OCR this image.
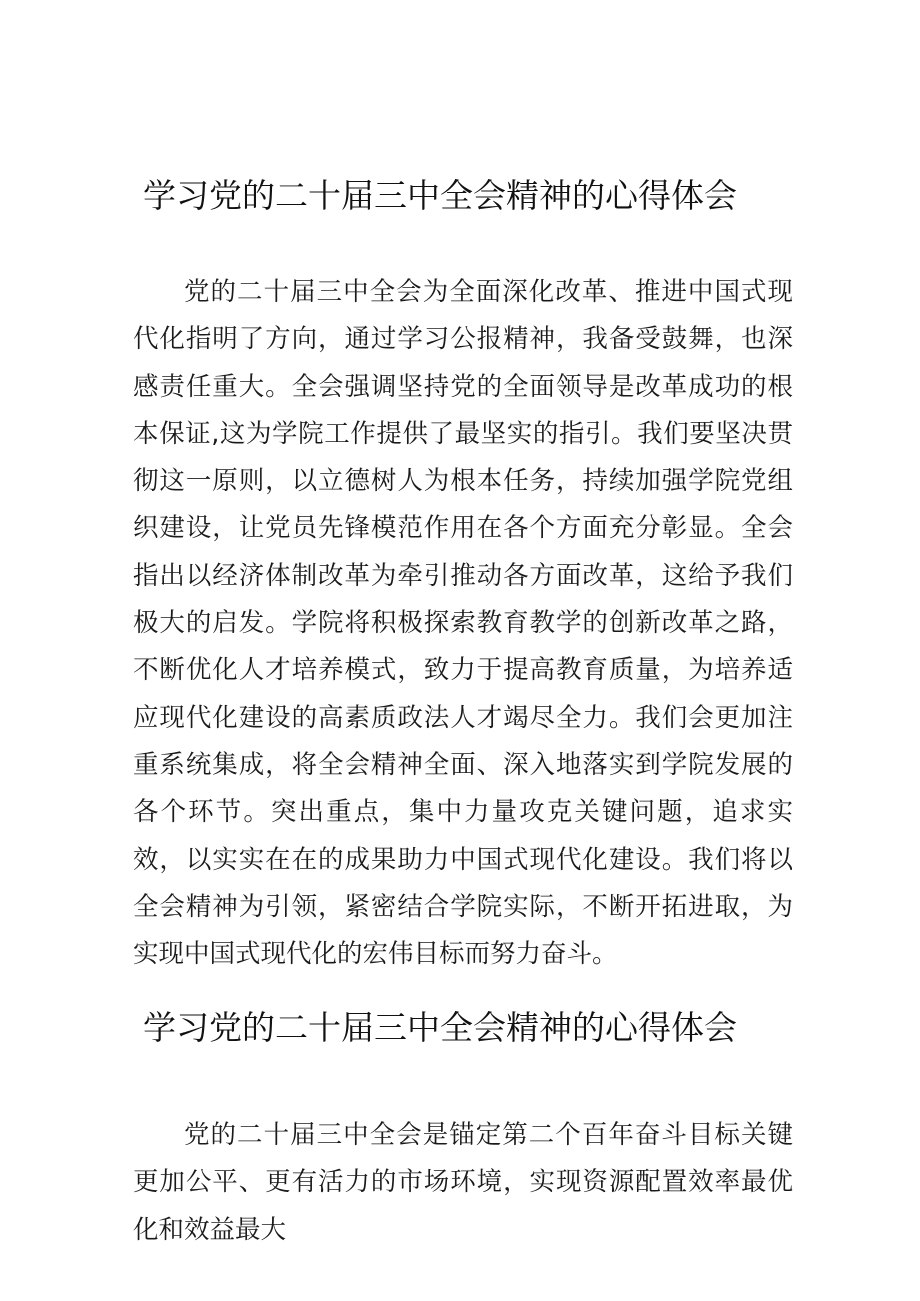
学习党的二十届三中全会精神的心得体会

党的二十届三中全会为全面深化改革、推进中国式现代化指明了方向，通过学习公报精神，我备受鼓舞，也深感责任重大。全会强调坚持党的全面领导是改革成功的根本保证,这为学院工作提供了最坚实的指引。我们要坚决贯彻这一原则，以立德树人为根本任务，持续加强学院党组织建设，让党员先锋模范作用在各个方面充分彰显。全会指出以经济体制改革为牵引推动各方面改革，这给予我们极大的启发。学院将积极探索教育教学的创新改革之路，不断优化人才培养模式，致力于提高教育质量，为培养适应现代化建设的高素质政法人才竭尽全力。我们会更加注重系统集成，将全会精神全面、深入地落实到学院发展的各个环节。突出重点，集中力量攻克关键问题，追求实效，以实实在在的成果助力中国式现代化建设。我们将以全会精神为引领，紧密结合学院实际，不断开拓进取，为实现中国式现代化的宏伟目标而努力奋斗。

学习党的二十届三中全会精神的心得体会

党的二十届三中全会是锚定第二个百年奋斗目标关键更加公平、更有活力的市场环境，实现资源配置效率最优化和效益最大
